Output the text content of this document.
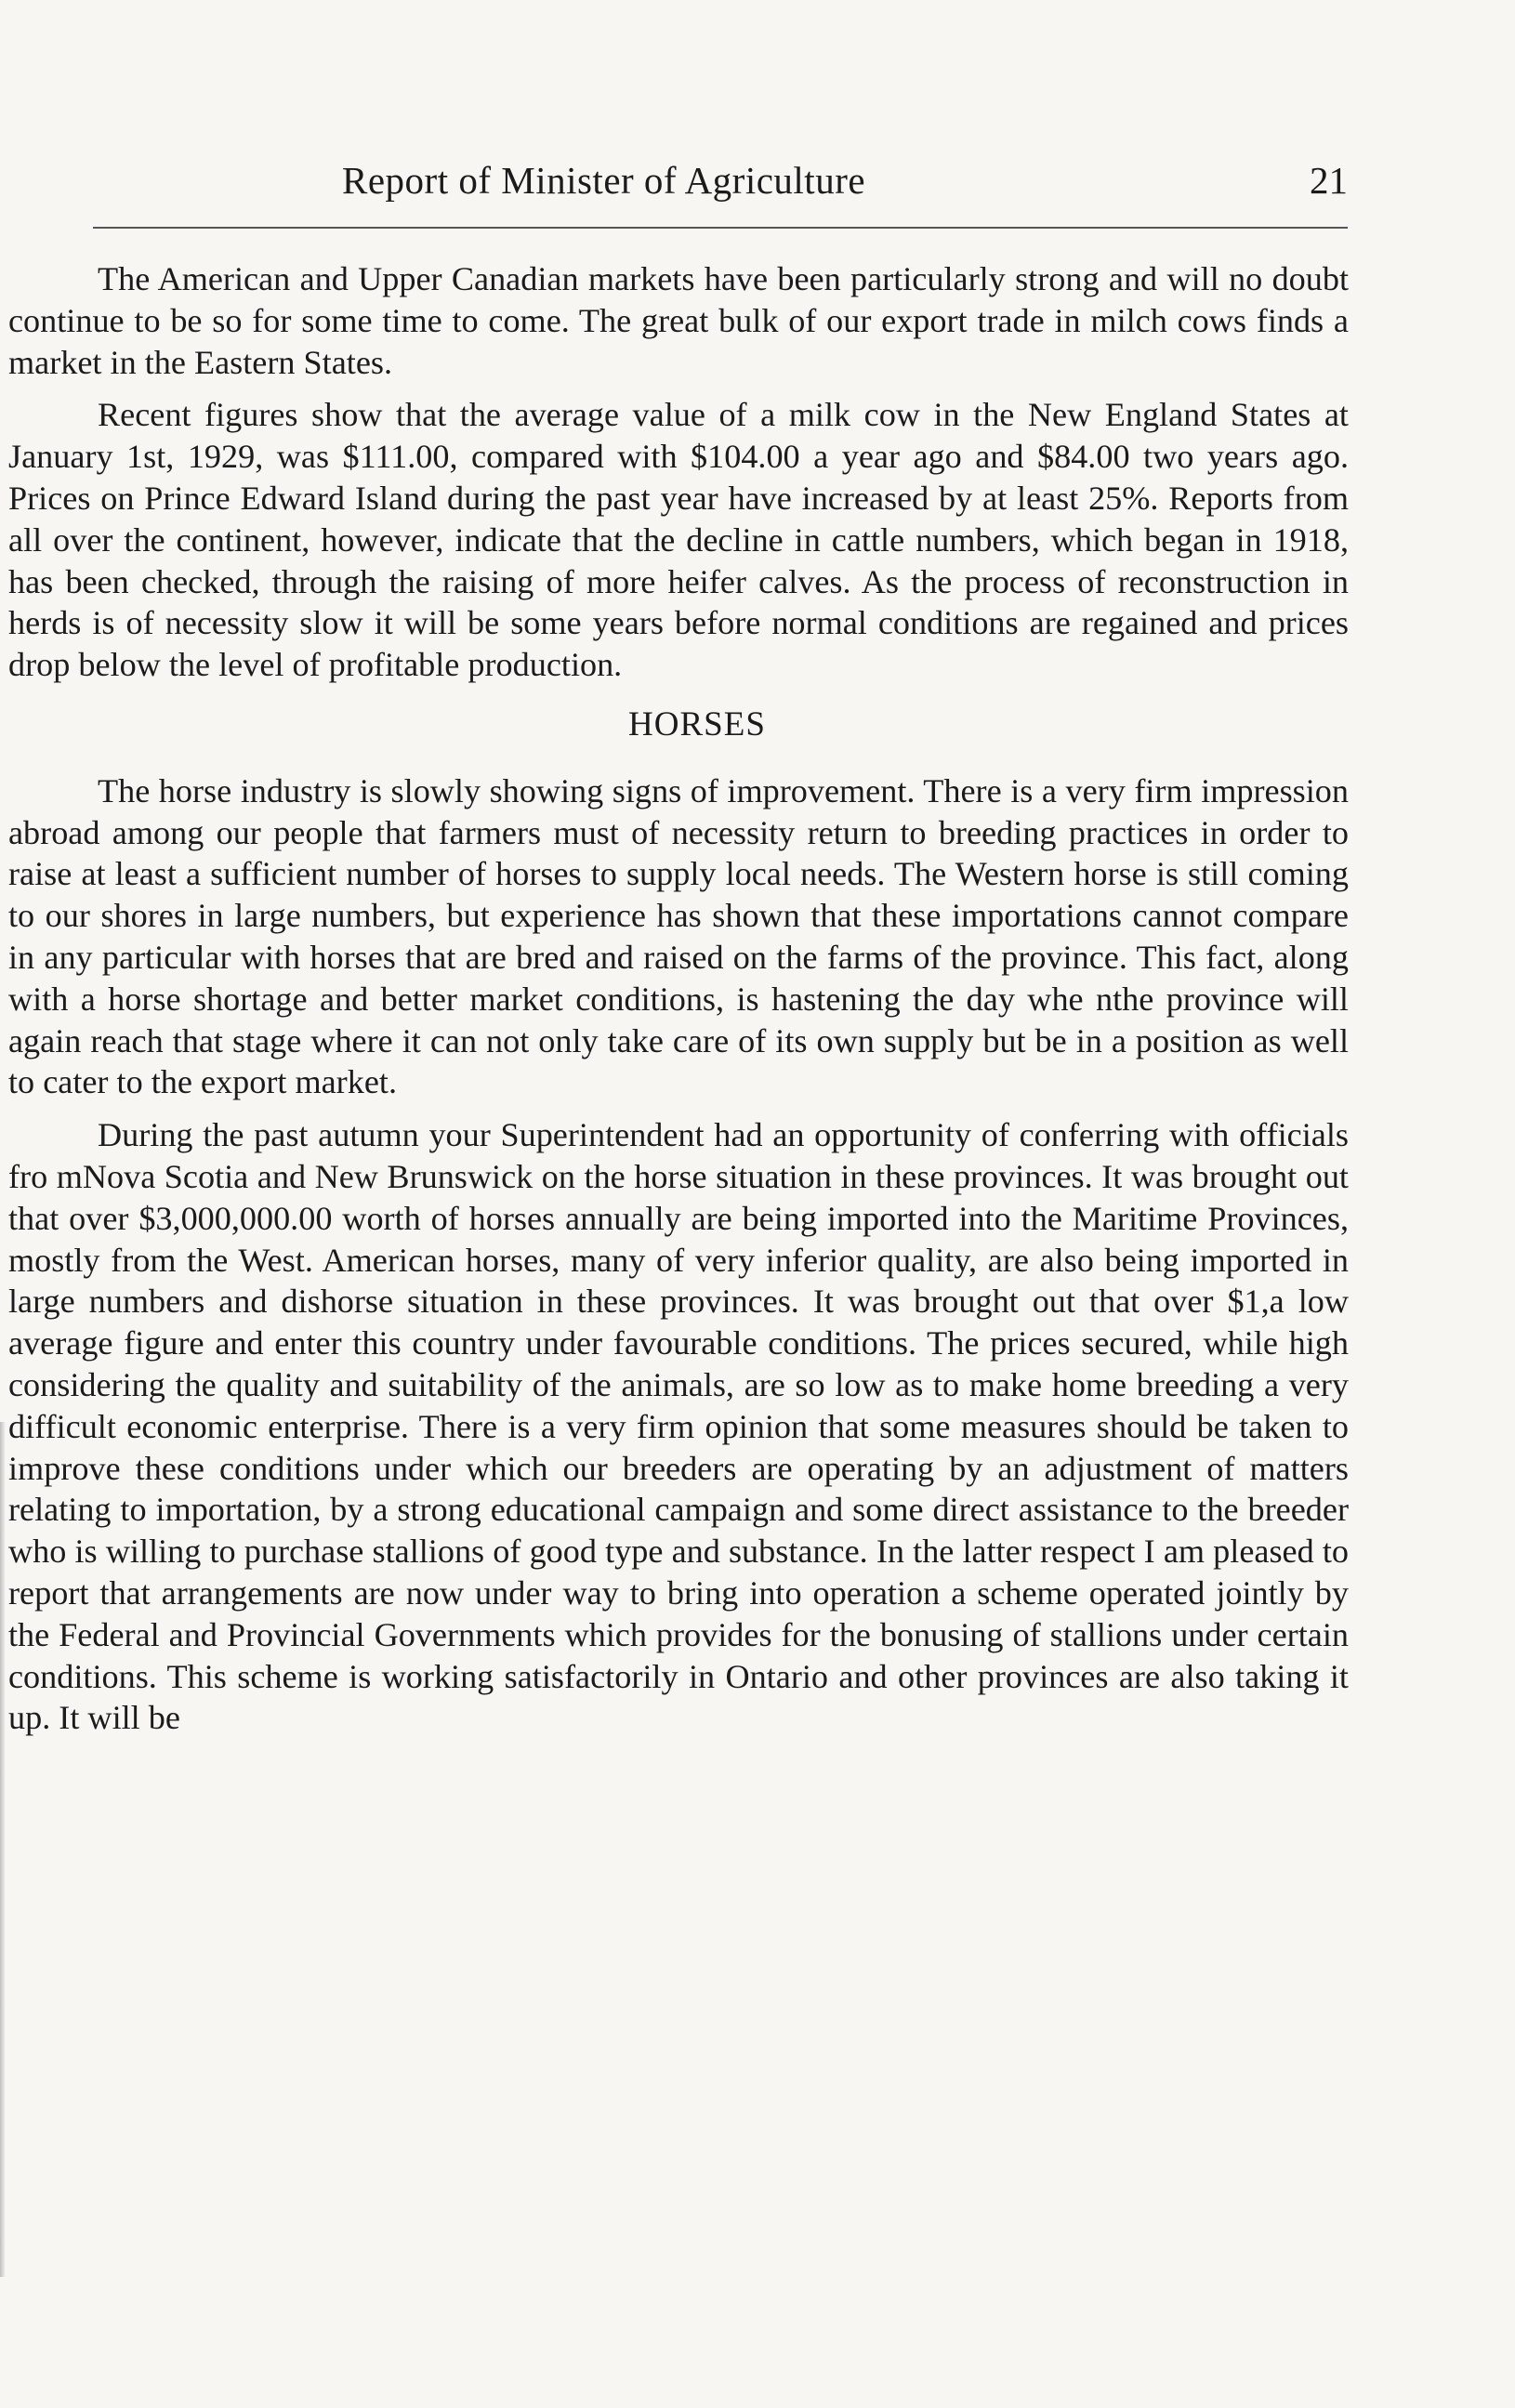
Report of Minister of Agriculture	21

The American and Upper Canadian markets have been particularly strong and will no doubt continue to be so for some time to come. The great bulk of our export trade in milch cows finds a market in the Eastern States.

Recent figures show that the average value of a milk cow in the New England States at January 1st, 1929, was $111.00, compared with $104.00 a year ago and $84.00 two years ago. Prices on Prince Edward Island during the past year have increased by at least 25%. Reports from all over the continent, however, indicate that the decline in cattle numbers, which began in 1918, has been checked, through the raising of more heifer calves. As the process of reconstruction in herds is of necessity slow it will be some years before normal conditions are regained and prices drop below the level of profitable production.

HORSES

The horse industry is slowly showing signs of improvement. There is a very firm impression abroad among our people that farmers must of necessity return to breeding practices in order to raise at least a sufficient number of horses to supply local needs. The Western horse is still coming to our shores in large numbers, but experience has shown that these importations cannot compare in any particular with horses that are bred and raised on the farms of the province. This fact, along with a horse shortage and better market conditions, is hastening the day whe nthe province will again reach that stage where it can not only take care of its own supply but be in a position as well to cater to the export market.

During the past autumn your Superintendent had an opportunity of conferring with officials fro mNova Scotia and New Brunswick on the horse situation in these provinces. It was brought out that over $3,000,000.00 worth of horses annually are being imported into the Maritime Provinces, mostly from the West. American horses, many of very inferior quality, are also being imported in large numbers and dishorse situation in these provinces. It was brought out that over $1,a low average figure and enter this country under favourable conditions. The prices secured, while high considering the quality and suitability of the animals, are so low as to make home breeding a very difficult economic enterprise. There is a very firm opinion that some measures should be taken to improve these conditions under which our breeders are operating by an adjustment of matters relating to importation, by a strong educational campaign and some direct assistance to the breeder who is willing to purchase stallions of good type and substance. In the latter respect I am pleased to report that arrangements are now under way to bring into operation a scheme operated jointly by the Federal and Provincial Governments which provides for the bonusing of stallions under certain conditions. This scheme is working satisfactorily in Ontario and other provinces are also taking it up. It will be
